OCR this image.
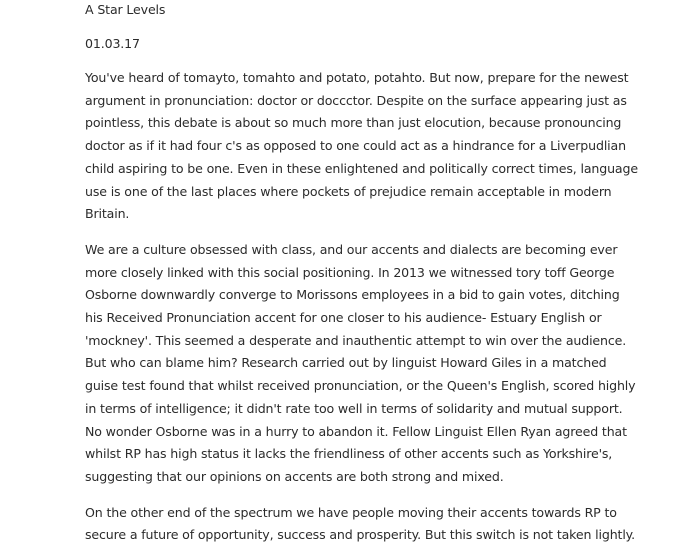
A Star Levels
01.03.17

You've heard of tomayto, tomahto and potato, potahto. But now, prepare for the newest
argument in pronunciation: doctor or doccctor. Despite on the surface appearing just as
pointless, this debate is about so much more than just elocution, because pronouncing
doctor as if it had four c's as opposed to one could act as a hindrance for a Liverpudlian
child aspiring to be one. Even in these enlightened and politically correct times, language
use is one of the last places where pockets of prejudice remain acceptable in modern
Britain.

We are a culture obsessed with class, and our accents and dialects are becoming ever
more closely linked with this social positioning. In 2013 we witnessed tory toff George
Osborne downwardly converge to Morissons employees in a bid to gain votes, ditching
his Received Pronunciation accent for one closer to his audience- Estuary English or
'mockney'. This seemed a desperate and inauthentic attempt to win over the audience.
But who can blame him? Research carried out by linguist Howard Giles in a matched
guise test found that whilst received pronunciation, or the Queen's English, scored highly
in terms of intelligence; it didn't rate too well in terms of solidarity and mutual support.
No wonder Osborne was in a hurry to abandon it. Fellow Linguist Ellen Ryan agreed that
whilst RP has high status it lacks the friendliness of other accents such as Yorkshire's,
suggesting that our opinions on accents are both strong and mixed.

On the other end of the spectrum we have people moving their accents towards RP to
secure a future of opportunity, success and prosperity. But this switch is not taken lightly.
